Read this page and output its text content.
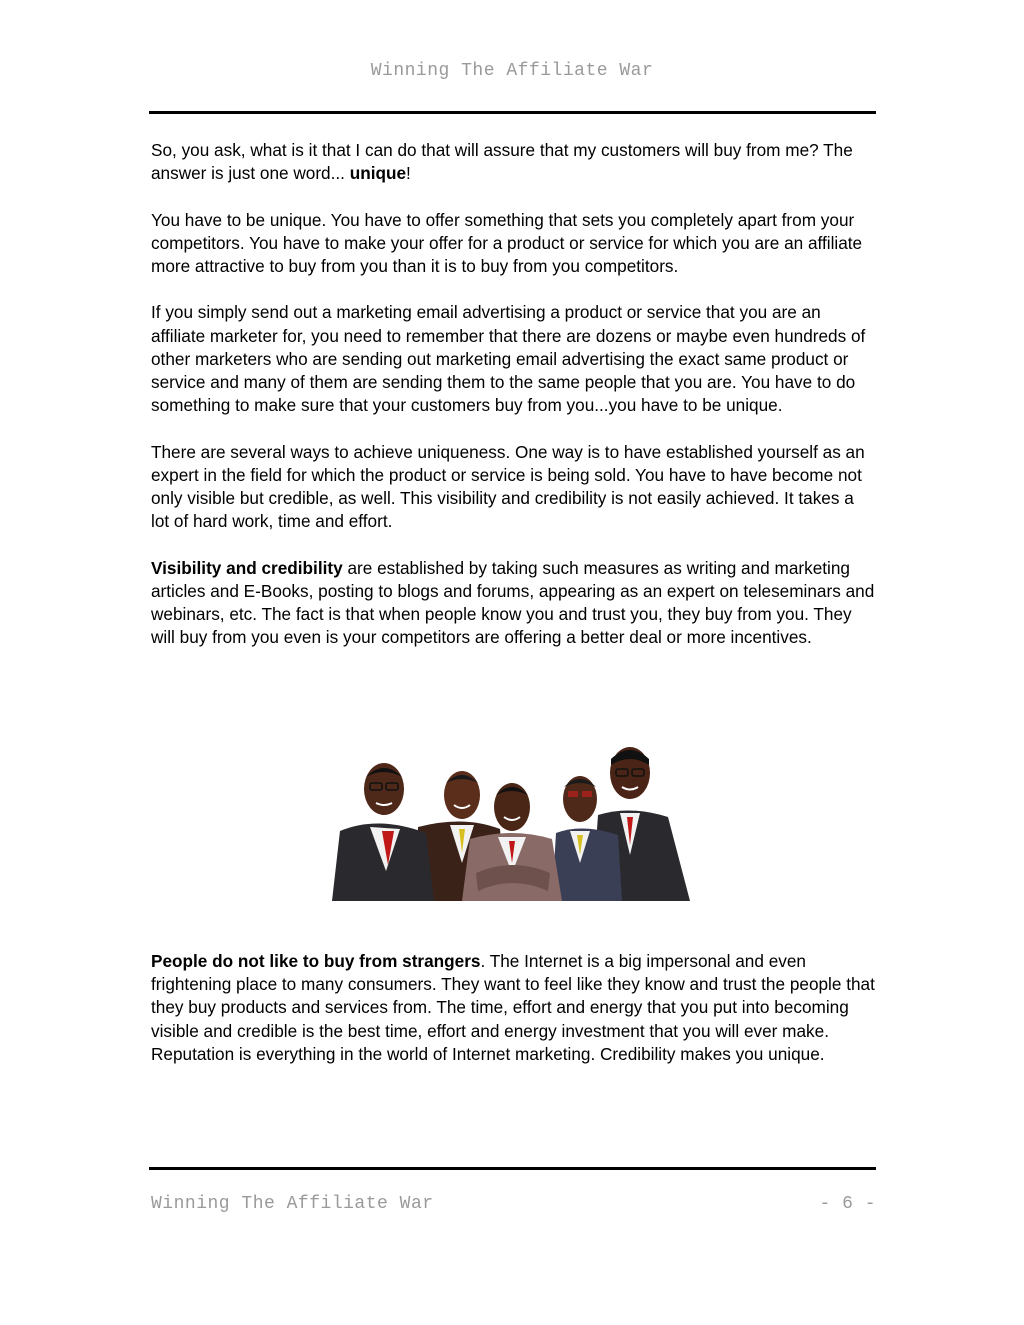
Winning The Affiliate War

So, you ask, what is it that I can do that will assure that my customers will buy from me? The answer is just one word... unique!

You have to be unique. You have to offer something that sets you completely apart from your competitors. You have to make your offer for a product or service for which you are an affiliate more attractive to buy from you than it is to buy from you competitors.

If you simply send out a marketing email advertising a product or service that you are an affiliate marketer for, you need to remember that there are dozens or maybe even hundreds of other marketers who are sending out marketing email advertising the exact same product or service and many of them are sending them to the same people that you are. You have to do something to make sure that your customers buy from you...you have to be unique.

There are several ways to achieve uniqueness. One way is to have established yourself as an expert in the field for which the product or service is being sold. You have to have become not only visible but credible, as well. This visibility and credibility is not easily achieved. It takes a lot of hard work, time and effort.

Visibility and credibility are established by taking such measures as writing and marketing articles and E-Books, posting to blogs and forums, appearing as an expert on teleseminars and webinars, etc. The fact is that when people know you and trust you, they buy from you. They will buy from you even is your competitors are offering a better deal or more incentives.

People do not like to buy from strangers. The Internet is a big impersonal and even frightening place to many consumers. They want to feel like they know and trust the people that they buy products and services from. The time, effort and energy that you put into becoming visible and credible is the best time, effort and energy investment that you will ever make. Reputation is everything in the world of Internet marketing. Credibility makes you unique.

Winning The Affiliate War	- 6 -
